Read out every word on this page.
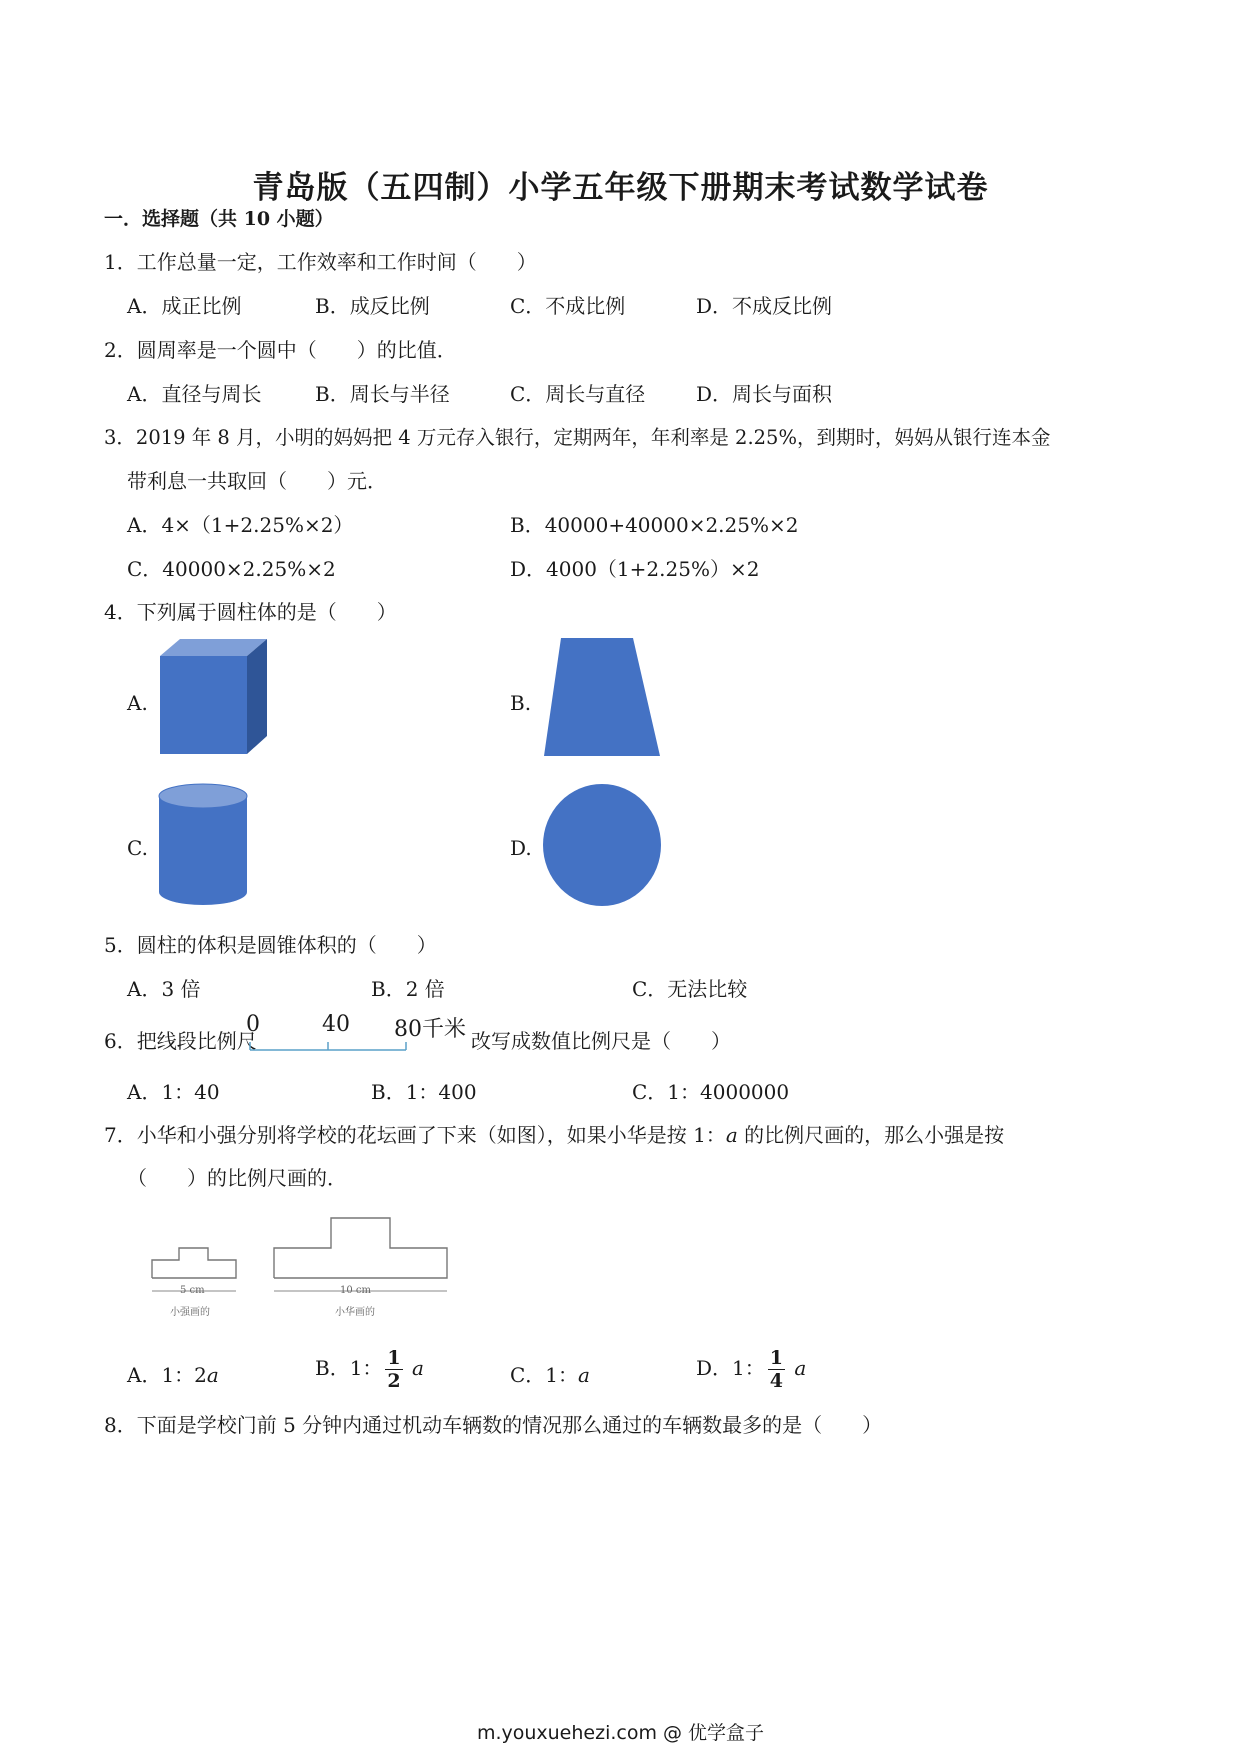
青岛版（五四制）小学五年级下册期末考试数学试卷
一．选择题（共 10 小题）
1．工作总量一定，工作效率和工作时间（　　）
A．成正比例	B．成反比例	C．不成比例	D．不成反比例
2．圆周率是一个圆中（　　）的比值．
A．直径与周长	B．周长与半径	C．周长与直径	D．周长与面积
3．2019 年 8 月，小明的妈妈把 4 万元存入银行，定期两年，年利率是 2.25%，到期时，妈妈从银行连本金
带利息一共取回（　　）元．
A．4×（1+2.25%×2）	B．40000+40000×2.25%×2
C．40000×2.25%×2	D．4000（1+2.25%）×2
4．下列属于圆柱体的是（　　）
A.	B.
C.	D.
5．圆柱的体积是圆锥体积的（　　）
A．3 倍	B．2 倍	C．无法比较
6．把线段比例尺
0	40 80千米 改写成数值比例尺是（　　）
A．1：40	B．1：400	C．1：4000000
7．小华和小强分别将学校的花坛画了下来（如图），如果小华是按 1：a 的比例尺画的，那么小强是按
（　　）的比例尺画的．
5 cm
小强画的
10 cm
小华画的
A．1：2a	B．1： $\frac{1}{2}$ a	C．1：a	D．1： $\frac{1}{4}$ a
8．下面是学校门前 5 分钟内通过机动车辆数的情况那么通过的车辆数最多的是（　　）
m.youxuehezi.com @ 优学盒子
